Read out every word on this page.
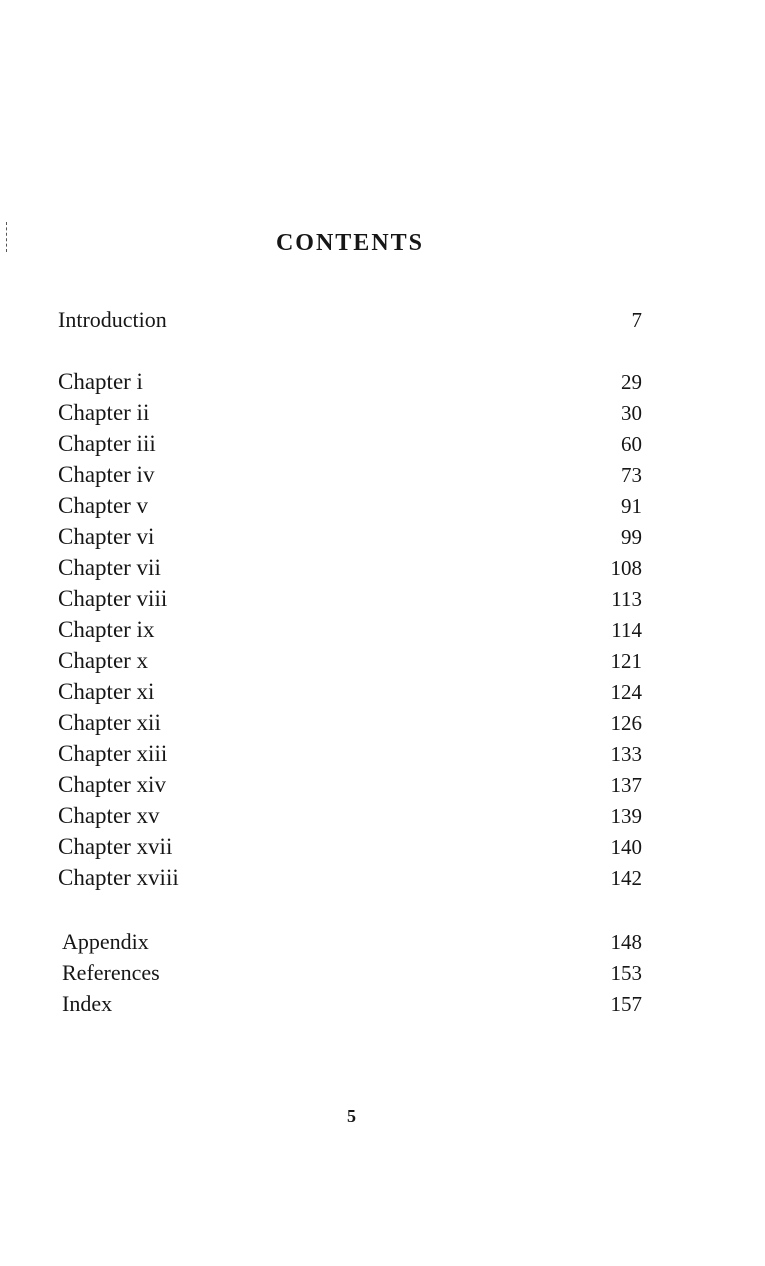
CONTENTS
Introduction	7
Chapter i	29
Chapter ii	30
Chapter iii	60
Chapter iv	73
Chapter v	91
Chapter vi	99
Chapter vii	108
Chapter viii	113
Chapter ix	114
Chapter x	121
Chapter xi	124
Chapter xii	126
Chapter xiii	133
Chapter xiv	137
Chapter xv	139
Chapter xvii	140
Chapter xviii	142
Appendix	148
References	153
Index	157
5
